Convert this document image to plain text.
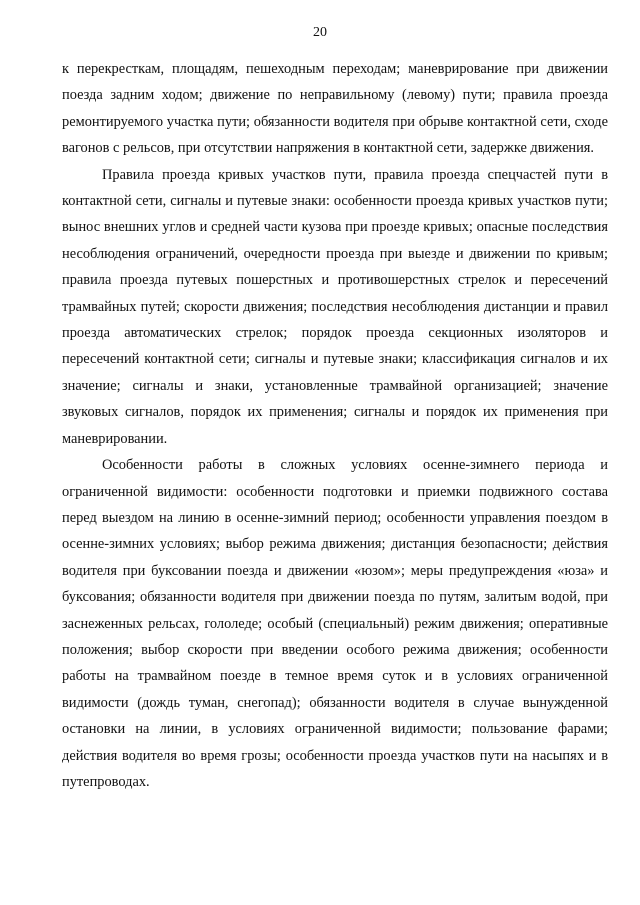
20

к перекресткам, площадям, пешеходным переходам; маневрирование при движении поезда задним ходом; движение по неправильному (левому) пути; правила проезда ремонтируемого участка пути; обязанности водителя при обрыве контактной сети, сходе вагонов с рельсов, при отсутствии напряжения в контактной сети, задержке движения.

Правила проезда кривых участков пути, правила проезда спецчастей пути в контактной сети, сигналы и путевые знаки: особенности проезда кривых участков пути; вынос внешних углов и средней части кузова при проезде кривых; опасные последствия несоблюдения ограничений, очередности проезда при выезде и движении по кривым; правила проезда путевых пошерстных и противошерстных стрелок и пересечений трамвайных путей; скорости движения; последствия несоблюдения дистанции и правил проезда автоматических стрелок; порядок проезда секционных изоляторов и пересечений контактной сети; сигналы и путевые знаки; классификация сигналов и их значение; сигналы и знаки, установленные трамвайной организацией; значение звуковых сигналов, порядок их применения; сигналы и порядок их применения при маневрировании.

Особенности работы в сложных условиях осенне-зимнего периода и ограниченной видимости: особенности подготовки и приемки подвижного состава перед выездом на линию в осенне-зимний период; особенности управления поездом в осенне-зимних условиях; выбор режима движения; дистанция безопасности; действия водителя при буксовании поезда и движении «юзом»; меры предупреждения «юза» и буксования; обязанности водителя при движении поезда по путям, залитым водой, при заснеженных рельсах, гололеде; особый (специальный) режим движения; оперативные положения; выбор скорости при введении особого режима движения; особенности работы на трамвайном поезде в темное время суток и в условиях ограниченной видимости (дождь туман, снегопад); обязанности водителя в случае вынужденной остановки на линии, в условиях ограниченной видимости; пользование фарами; действия водителя во время грозы; особенности проезда участков пути на насыпях и в путепроводах.
